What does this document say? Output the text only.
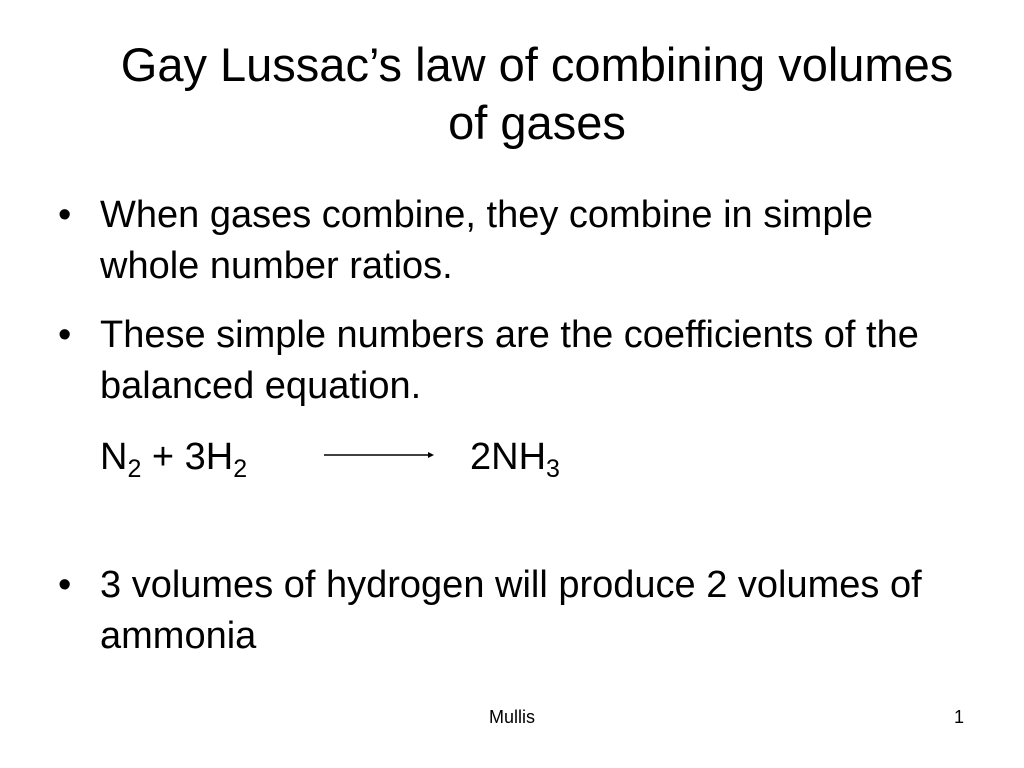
Gay Lussac’s law of combining volumes of gases
• When gases combine, they combine in simple whole number ratios.
• These simple numbers are the coefficients of the balanced equation.
$N_2 + 3H_2 \to 2NH_3$
• 3 volumes of hydrogen will produce 2 volumes of ammonia
Mullis	1
